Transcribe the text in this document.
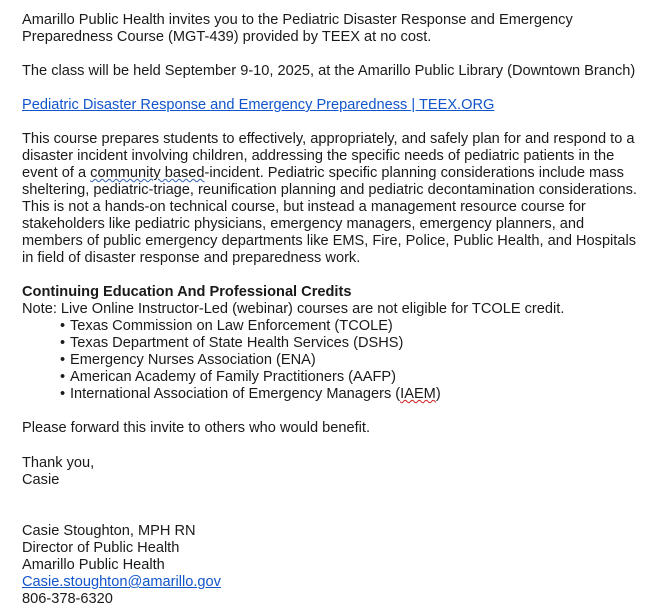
Amarillo Public Health invites you to the Pediatric Disaster Response and Emergency Preparedness Course (MGT-439) provided by TEEX at no cost.

The class will be held September 9-10, 2025, at the Amarillo Public Library (Downtown Branch)

Pediatric Disaster Response and Emergency Preparedness | TEEX.ORG

This course prepares students to effectively, appropriately, and safely plan for and respond to a disaster incident involving children, addressing the specific needs of pediatric patients in the event of a community based-incident. Pediatric specific planning considerations include mass sheltering, pediatric-triage, reunification planning and pediatric decontamination considerations. This is not a hands-on technical course, but instead a management resource course for stakeholders like pediatric physicians, emergency managers, emergency planners, and members of public emergency departments like EMS, Fire, Police, Public Health, and Hospitals in field of disaster response and preparedness work.

Continuing Education And Professional Credits

Note: Live Online Instructor-Led (webinar) courses are not eligible for TCOLE credit.

• Texas Commission on Law Enforcement (TCOLE)
• Texas Department of State Health Services (DSHS)
• Emergency Nurses Association (ENA)
• American Academy of Family Practitioners (AAFP)
• International Association of Emergency Managers (IAEM)

Please forward this invite to others who would benefit.

Thank you,

Casie

Casie Stoughton, MPH RN

Director of Public Health

Amarillo Public Health

Casie.stoughton@amarillo.gov

806-378-6320
